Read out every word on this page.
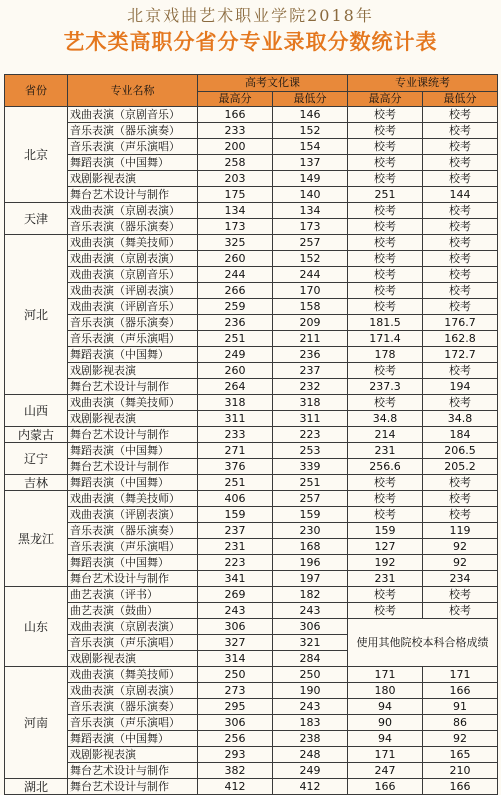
北京戏曲艺术职业学院2018年
艺术类高职分省分专业录取分数统计表
省份	专业名称	高考文化课		专业课统考	
		最高分	最低分	最高分	最低分
北京	戏曲表演（京剧音乐）	166	146	校考	校考
	音乐表演（器乐演奏）	233	152	校考	校考
	音乐表演（声乐演唱）	200	154	校考	校考
	舞蹈表演（中国舞）	258	137	校考	校考
	戏剧影视表演	203	149	校考	校考
	舞台艺术设计与制作	175	140	251	144
天津	戏曲表演（京剧表演）	134	134	校考	校考
	音乐表演（器乐演奏）	173	173	校考	校考
河北	戏曲表演（舞美技师）	325	257	校考	校考
	戏曲表演（京剧表演）	260	152	校考	校考
	戏曲表演（京剧音乐）	244	244	校考	校考
	戏曲表演（评剧表演）	266	170	校考	校考
	戏曲表演（评剧音乐）	259	158	校考	校考
	音乐表演（器乐演奏）	236	209	181.5	176.7
	音乐表演（声乐演唱）	251	211	171.4	162.8
	舞蹈表演（中国舞）	249	236	178	172.7
	戏剧影视表演	260	237	校考	校考
	舞台艺术设计与制作	264	232	237.3	194
山西	戏曲表演（舞美技师）	318	318	校考	校考
	戏剧影视表演	311	311	34.8	34.8
内蒙古	舞台艺术设计与制作	233	223	214	184
辽宁	舞蹈表演（中国舞）	271	253	231	206.5
	舞台艺术设计与制作	376	339	256.6	205.2
吉林	舞蹈表演（中国舞）	251	251	校考	校考
黑龙江	戏曲表演（舞美技师）	406	257	校考	校考
	戏曲表演（评剧表演）	159	159	校考	校考
	音乐表演（器乐演奏）	237	230	159	119
	音乐表演（声乐演唱）	231	168	127	92
	舞蹈表演（中国舞）	223	196	192	92
	舞台艺术设计与制作	341	197	231	234
山东	曲艺表演（评书）	269	182	校考	校考
	曲艺表演（鼓曲）	243	243	校考	校考
	戏曲表演（京剧表演）	306	306	使用其他院校本科合格成绩	
	音乐表演（声乐演唱）	327	321		
	戏剧影视表演	314	284		
河南	戏曲表演（舞美技师）	250	250	171	171
	戏曲表演（京剧表演）	273	190	180	166
	音乐表演（器乐演奏）	295	243	94	91
	音乐表演（声乐演唱）	306	183	90	86
	舞蹈表演（中国舞）	256	238	94	92
	戏剧影视表演	293	248	171	165
	舞台艺术设计与制作	382	249	247	210
湖北	舞台艺术设计与制作	412	412	166	166
